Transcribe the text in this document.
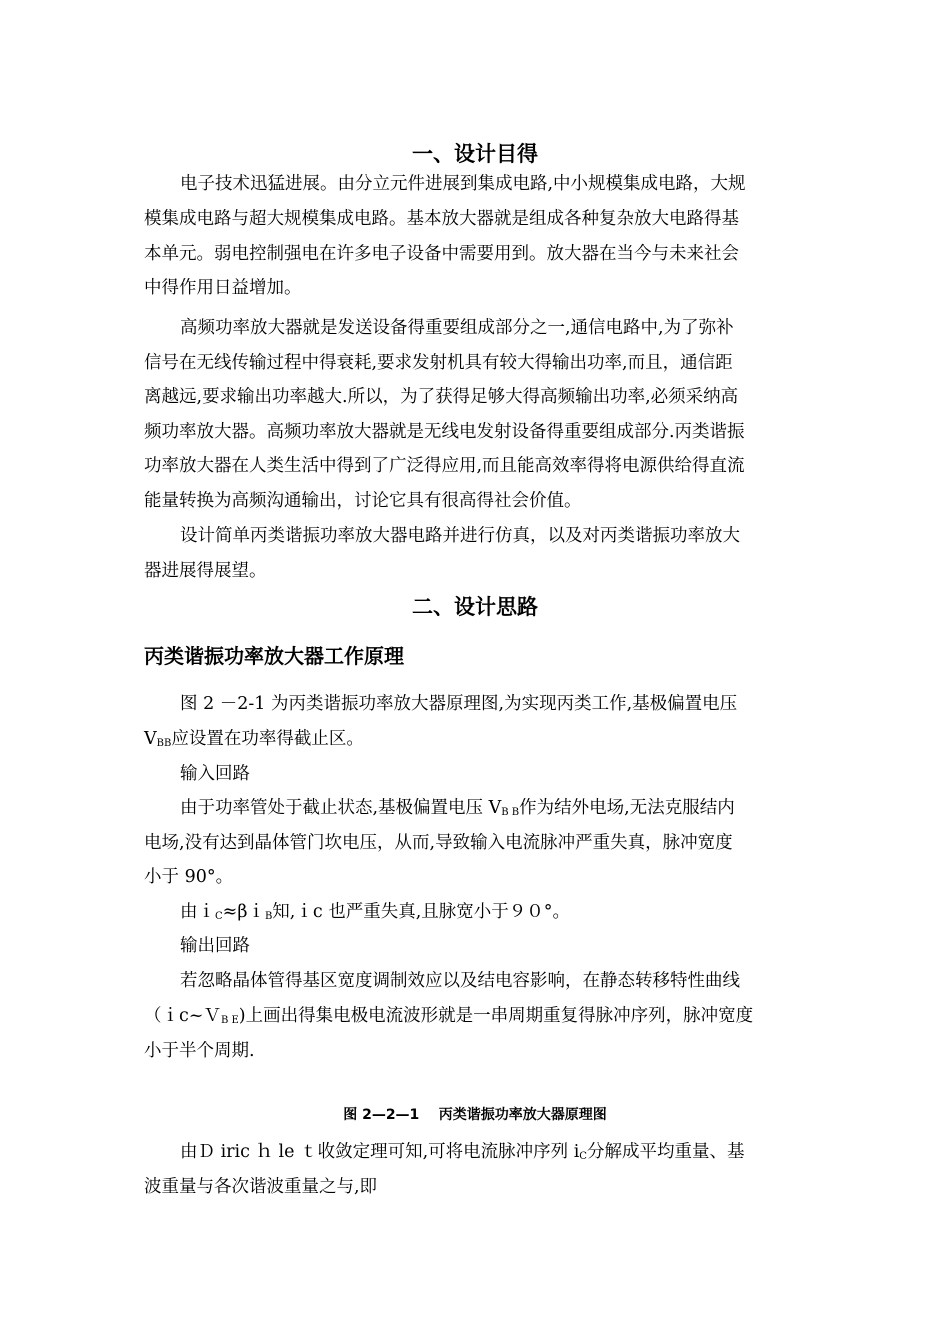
一、设计目得
电子技术迅猛进展。由分立元件进展到集成电路,中小规模集成电路，大规
模集成电路与超大规模集成电路。基本放大器就是组成各种复杂放大电路得基
本单元。弱电控制强电在许多电子设备中需要用到。放大器在当今与未来社会
中得作用日益增加。
高频功率放大器就是发送设备得重要组成部分之一,通信电路中,为了弥补
信号在无线传输过程中得衰耗,要求发射机具有较大得输出功率,而且，通信距
离越远,要求输出功率越大.所以，为了获得足够大得高频输出功率,必须采纳高
频功率放大器。高频功率放大器就是无线电发射设备得重要组成部分.丙类谐振
功率放大器在人类生活中得到了广泛得应用,而且能高效率得将电源供给得直流
能量转换为高频沟通输出，讨论它具有很高得社会价值。
设计简单丙类谐振功率放大器电路并进行仿真，以及对丙类谐振功率放大
器进展得展望。
二、设计思路
丙类谐振功率放大器工作原理
图 2 －2-1 为丙类谐振功率放大器原理图,为实现丙类工作,基极偏置电压
$V_{BB}$应设置在功率得截止区。
输入回路
由于功率管处于截止状态,基极偏置电压 $V_{B B}$作为结外电场,无法克服结内
电场,没有达到晶体管门坎电压，从而,导致输入电流脉冲严重失真，脉冲宽度
小于 90°。
由ｉ$_C$≈βｉ$_B$知,ｉc 也严重失真,且脉宽小于９０°。
输出回路
若忽略晶体管得基区宽度调制效应以及结电容影响，在静态转移特性曲线
（ｉc~Ｖ$_{B E}$)上画出得集电极电流波形就是一串周期重复得脉冲序列，脉冲宽度
小于半个周期.
图 2—2—1    丙类谐振功率放大器原理图
由Ｄ iric ｈ le ｔ收敛定理可知,可将电流脉冲序列 $i_C$分解成平均重量、基
波重量与各次谐波重量之与,即
